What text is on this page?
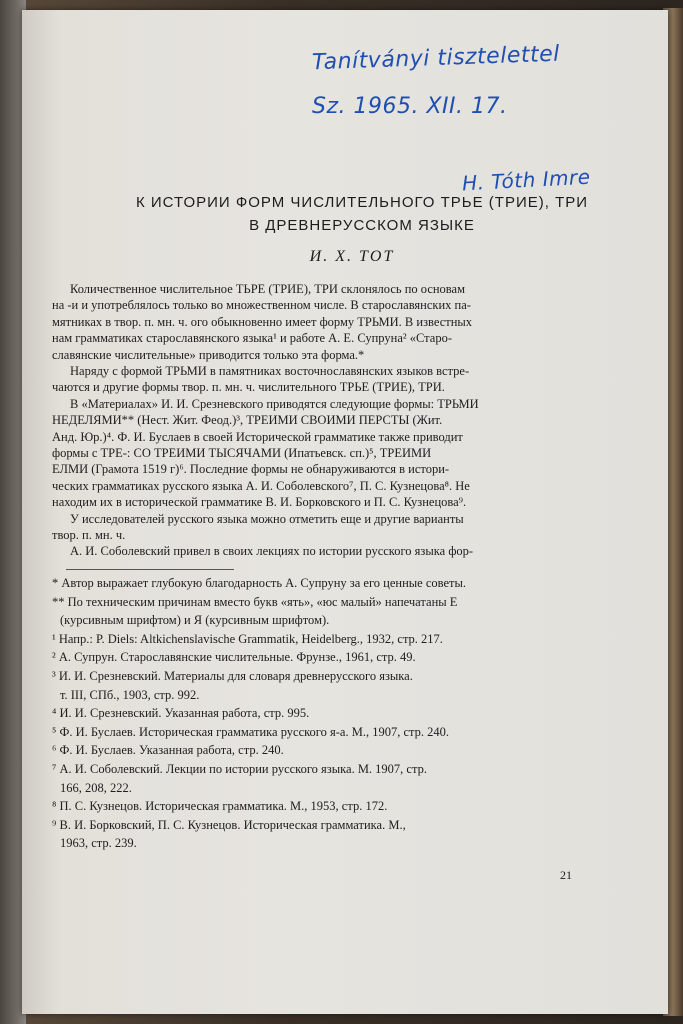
Tanítványi tisztelettel
Sz. 1965. XII. 17.
H. Tóth Imre
К ИСТОРИИ ФОРМ ЧИСЛИТЕЛЬНОГО ТРЬЕ (ТРИЕ), ТРИ
В ДРЕВНЕРУССКОМ ЯЗЫКЕ
И. Х. ТОТ
Количественное числительное ТЬРЕ (ТРИЕ), ТРИ склонялось по основам
на -и и употреблялось только во множественном числе. В старославянских па-
мятниках в твор. п. мн. ч. ого обыкновенно имеет форму ТРЬМИ. В известных
нам грамматиках старославянского языка¹ и работе А. Е. Супруна² «Старо-
славянские числительные» приводится только эта форма.*
Наряду с формой ТРЬМИ в памятниках восточнославянских языков встре-
чаются и другие формы твор. п. мн. ч. числительного ТРЬЕ (ТРИЕ), ТРИ.
В «Материалах» И. И. Срезневского приводятся следующие формы: ТРЬМИ
НЕДЕЛЯМИ** (Нест. Жит. Феод.)³, ТРЕИМИ СВОИМИ ПЕРСТЫ (Жит.
Анд. Юр.)⁴. Ф. И. Буслаев в своей Исторической грамматике также приводит
формы с ТРЕ-: СО ТРЕИМИ ТЫСЯЧАМИ (Ипатьевск. сп.)⁵, ТРЕИМИ
ЕЛМИ (Грамота 1519 г)⁶. Последние формы не обнаруживаются в истори-
ческих грамматиках русского языка А. И. Соболевского⁷, П. С. Кузнецова⁸. Не
находим их в исторической грамматике В. И. Борковского и П. С. Кузнецова⁹.
У исследователей русского языка можно отметить еще и другие варианты
твор. п. мн. ч.
А. И. Соболевский привел в своих лекциях по истории русского языка фор-
* Автор выражает глубокую благодарность А. Супруну за его ценные советы.
** По техническим причинам вместо букв «ять», «юс малый» напечатаны Е
(курсивным шрифтом) и Я (курсивным шрифтом).
¹ Напр.: P. Diels: Altkichenslavische Grammatik, Heidelberg., 1932, стр. 217.
² А. Супрун. Старославянские числительные. Фрунзе., 1961, стр. 49.
³ И. И. Срезневский. Материалы для словаря древнерусского языка.
т. III, СПб., 1903, стр. 992.
⁴ И. И. Срезневский. Указанная работа, стр. 995.
⁵ Ф. И. Буслаев. Историческая грамматика русского я-а. М., 1907, стр. 240.
⁶ Ф. И. Буслаев. Указанная работа, стр. 240.
⁷ А. И. Соболевский. Лекции по истории русского языка. М. 1907, стр.
166, 208, 222.
⁸ П. С. Кузнецов. Историческая грамматика. М., 1953, стр. 172.
⁹ В. И. Борковский, П. С. Кузнецов. Историческая грамматика. М.,
1963, стр. 239.
21
